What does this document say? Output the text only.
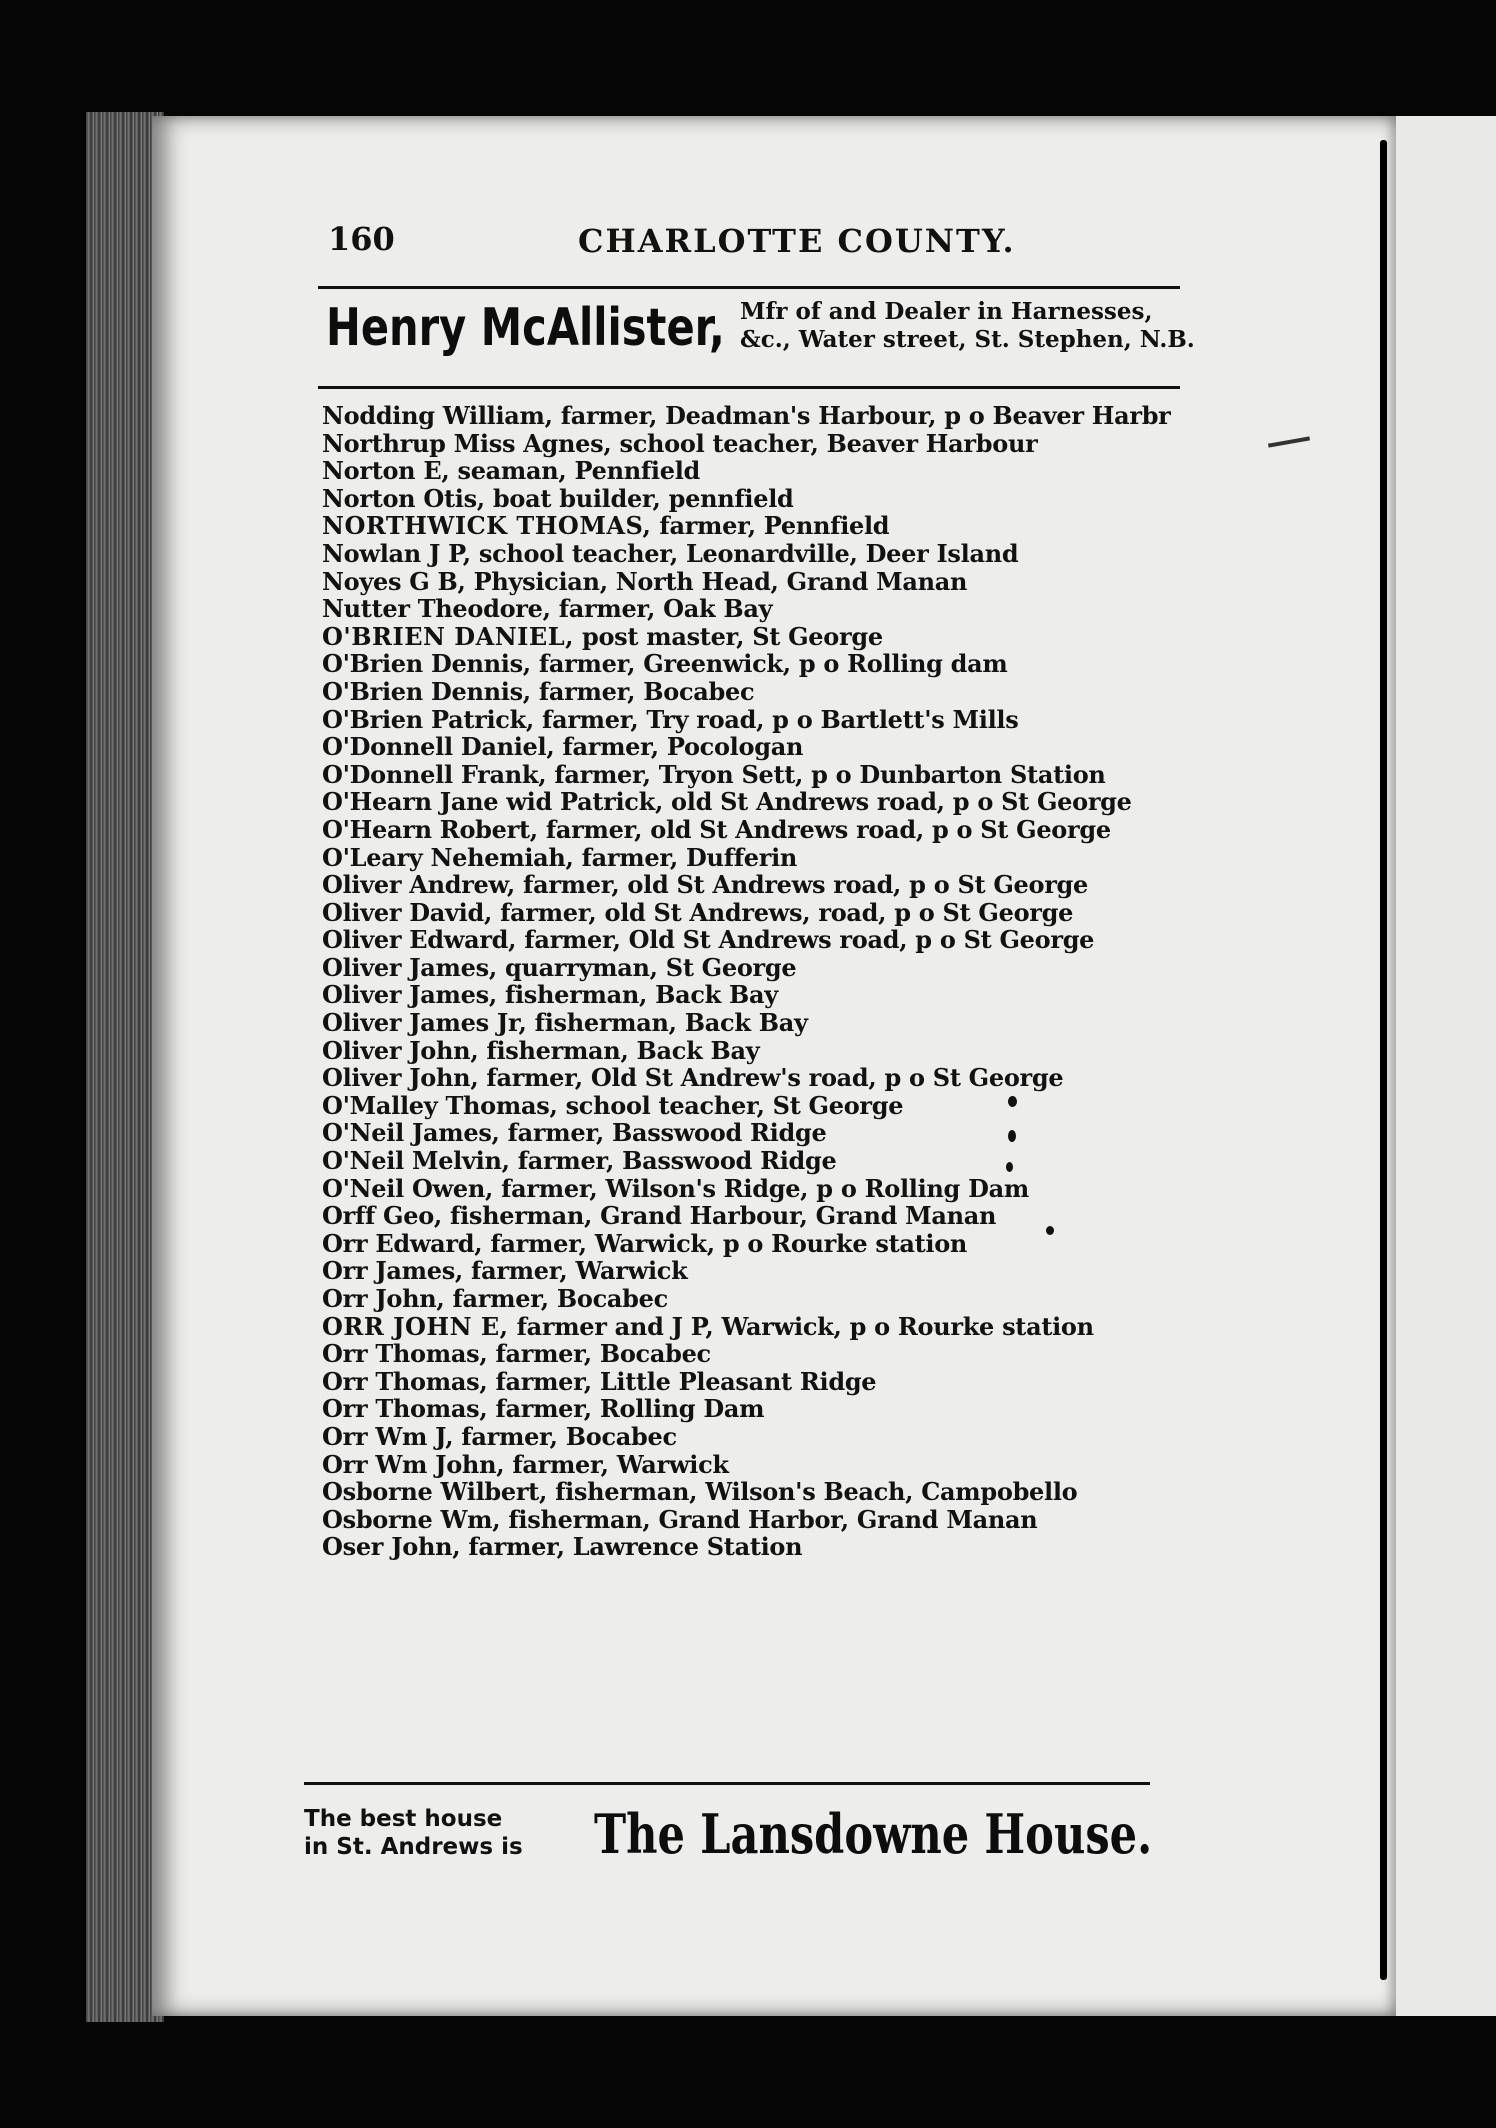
160	CHARLOTTE COUNTY.
Henry McAllister, Mfr of and Dealer in Harnesses,
&c., Water street, St. Stephen, N.B.
Nodding William, farmer, Deadman's Harbour, p o Beaver Harbr
Northrup Miss Agnes, school teacher, Beaver Harbour
Norton E, seaman, Pennfield
Norton Otis, boat builder, pennfield
NORTHWICK THOMAS, farmer, Pennfield
Nowlan J P, school teacher, Leonardville, Deer Island
Noyes G B, Physician, North Head, Grand Manan
Nutter Theodore, farmer, Oak Bay
O'BRIEN DANIEL, post master, St George
O'Brien Dennis, farmer, Greenwick, p o Rolling dam
O'Brien Dennis, farmer, Bocabec
O'Brien Patrick, farmer, Try road, p o Bartlett's Mills
O'Donnell Daniel, farmer, Pocologan
O'Donnell Frank, farmer, Tryon Sett, p o Dunbarton Station
O'Hearn Jane wid Patrick, old St Andrews road, p o St George
O'Hearn Robert, farmer, old St Andrews road, p o St George
O'Leary Nehemiah, farmer, Dufferin
Oliver Andrew, farmer, old St Andrews road, p o St George
Oliver David, farmer, old St Andrews, road, p o St George
Oliver Edward, farmer, Old St Andrews road, p o St George
Oliver James, quarryman, St George
Oliver James, fisherman, Back Bay
Oliver James Jr, fisherman, Back Bay
Oliver John, fisherman, Back Bay
Oliver John, farmer, Old St Andrew's road, p o St George
O'Malley Thomas, school teacher, St George
O'Neil James, farmer, Basswood Ridge
O'Neil Melvin, farmer, Basswood Ridge
O'Neil Owen, farmer, Wilson's Ridge, p o Rolling Dam
Orff Geo, fisherman, Grand Harbour, Grand Manan
Orr Edward, farmer, Warwick, p o Rourke station
Orr James, farmer, Warwick
Orr John, farmer, Bocabec
ORR JOHN E, farmer and J P, Warwick, p o Rourke station
Orr Thomas, farmer, Bocabec
Orr Thomas, farmer, Little Pleasant Ridge
Orr Thomas, farmer, Rolling Dam
Orr Wm J, farmer, Bocabec
Orr Wm John, farmer, Warwick
Osborne Wilbert, fisherman, Wilson's Beach, Campobello
Osborne Wm, fisherman, Grand Harbor, Grand Manan
Oser John, farmer, Lawrence Station
The best house
in St. Andrews is The Lansdowne House.
